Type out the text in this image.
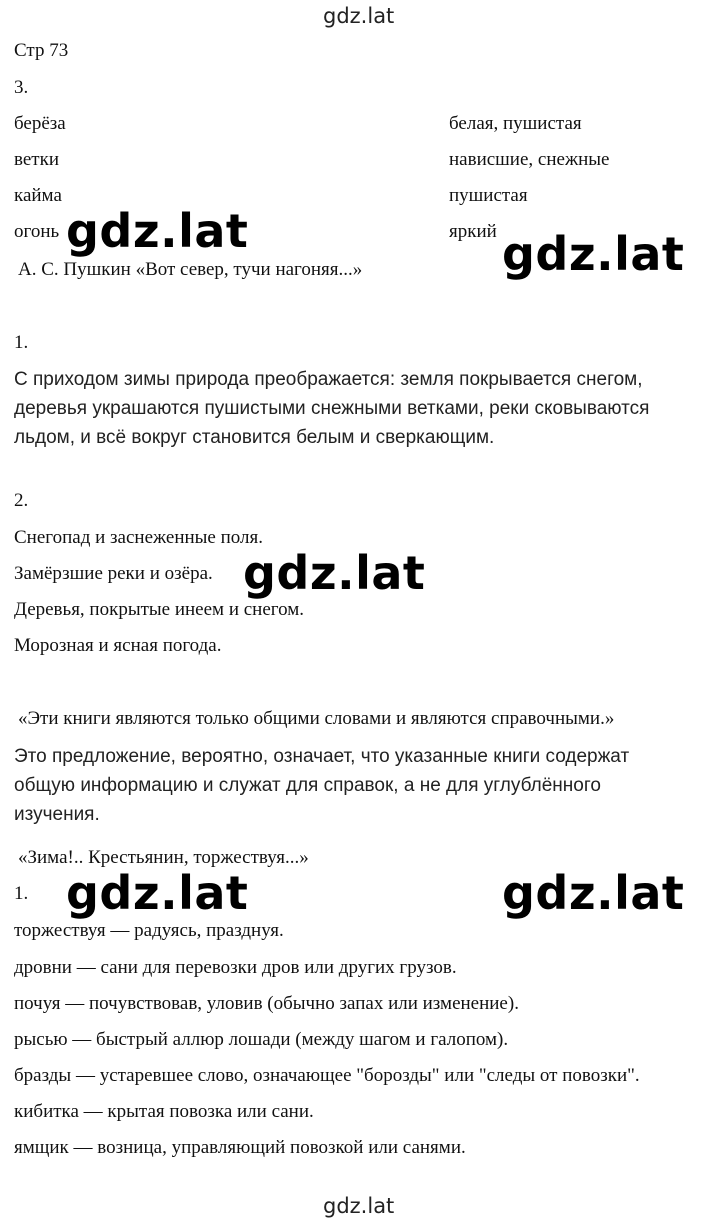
gdz.lat
Стр 73
3.
берёза	белая, пушистая
ветки	нависшие, снежные
кайма	пушистая
огонь	яркий
А. С. Пушкин «Вот север, тучи нагоняя...»
1.
С приходом зимы природа преображается: земля покрывается снегом, деревья украшаются пушистыми снежными ветками, реки сковываются льдом, и всё вокруг становится белым и сверкающим.
2.
Снегопад и заснеженные поля.
Замёрзшие реки и озёра.
Деревья, покрытые инеем и снегом.
Морозная и ясная погода.
«Эти книги являются только общими словами и являются справочными.»
Это предложение, вероятно, означает, что указанные книги содержат общую информацию и служат для справок, а не для углублённого изучения.
«Зима!.. Крестьянин, торжествуя...»
1.
торжествуя — радуясь, празднуя.
дровни — сани для перевозки дров или других грузов.
почуя — почувствовав, уловив (обычно запах или изменение).
рысью — быстрый аллюр лошади (между шагом и галопом).
бразды — устаревшее слово, означающее "борозды" или "следы от повозки".
кибитка — крытая повозка или сани.
ямщик — возница, управляющий повозкой или санями.
gdz.lat
gdz.lat	gdz.lat
gdz.lat
gdz.lat	gdz.lat
